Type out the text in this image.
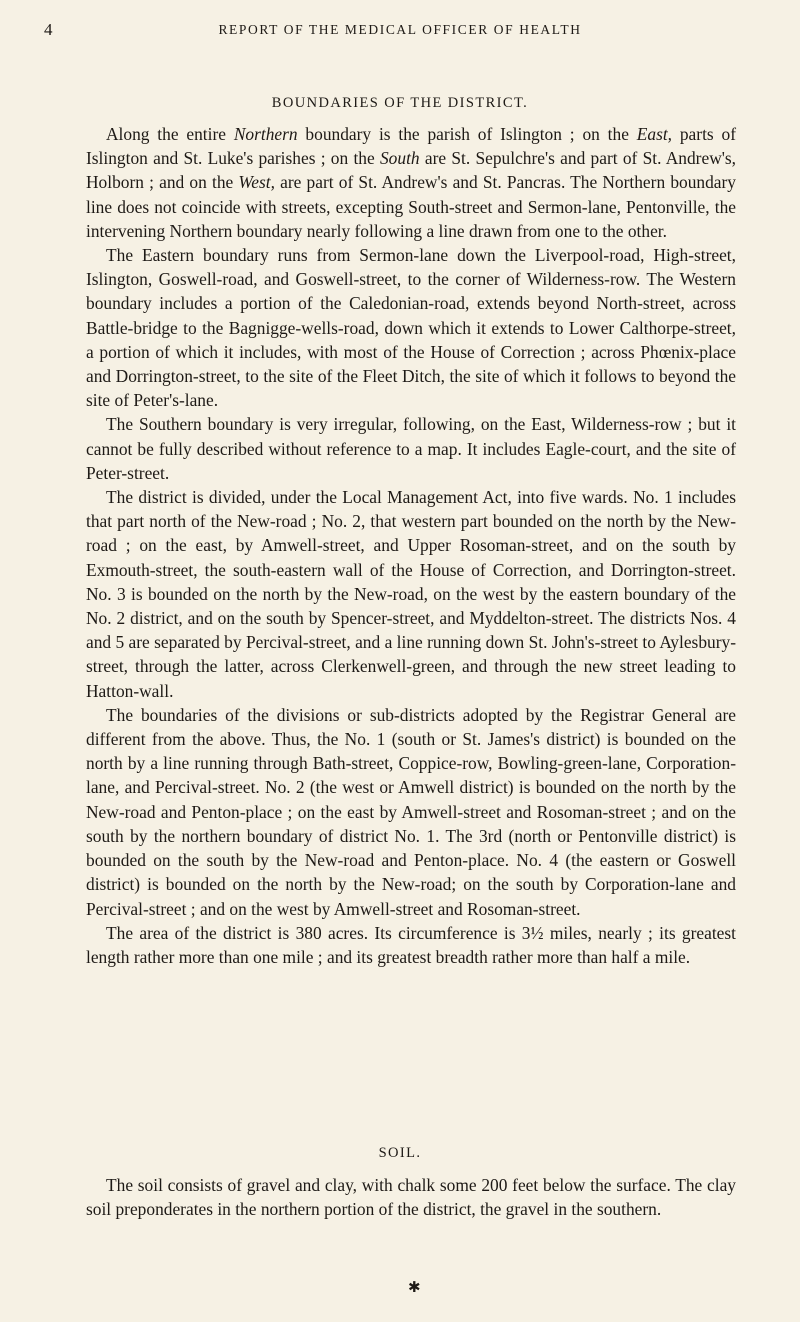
4	REPORT OF THE MEDICAL OFFICER OF HEALTH
BOUNDARIES OF THE DISTRICT.

Along the entire Northern boundary is the parish of Islington ; on the East, parts of Islington and St. Luke's parishes ; on the South are St. Sepulchre's and part of St. Andrew's, Holborn ; and on the West, are part of St. Andrew's and St. Pancras. The Northern boundary line does not coincide with streets, excepting South-street and Sermon-lane, Pentonville, the intervening Northern boundary nearly following a line drawn from one to the other.

The Eastern boundary runs from Sermon-lane down the Liverpool-road, High-street, Islington, Goswell-road, and Goswell-street, to the corner of Wilderness-row. The Western boundary includes a portion of the Caledonian-road, extends beyond North-street, across Battle-bridge to the Bagnigge-wells-road, down which it extends to Lower Calthorpe-street, a portion of which it includes, with most of the House of Correction ; across Phœnix-place and Dorrington-street, to the site of the Fleet Ditch, the site of which it follows to beyond the site of Peter's-lane.

The Southern boundary is very irregular, following, on the East, Wilderness-row ; but it cannot be fully described without reference to a map. It includes Eagle-court, and the site of Peter-street.

The district is divided, under the Local Management Act, into five wards. No. 1 includes that part north of the New-road ; No. 2, that western part bounded on the north by the New-road ; on the east, by Amwell-street, and Upper Rosoman-street, and on the south by Exmouth-street, the south-eastern wall of the House of Correction, and Dorrington-street. No. 3 is bounded on the north by the New-road, on the west by the eastern boundary of the No. 2 district, and on the south by Spencer-street, and Myddelton-street. The districts Nos. 4 and 5 are separated by Percival-street, and a line running down St. John's-street to Aylesbury-street, through the latter, across Clerkenwell-green, and through the new street leading to Hatton-wall.

The boundaries of the divisions or sub-districts adopted by the Registrar General are different from the above. Thus, the No. 1 (south or St. James's district) is bounded on the north by a line running through Bath-street, Coppice-row, Bowling-green-lane, Corporation-lane, and Percival-street. No. 2 (the west or Amwell district) is bounded on the north by the New-road and Penton-place ; on the east by Amwell-street and Rosoman-street ; and on the south by the northern boundary of district No. 1. The 3rd (north or Pentonville district) is bounded on the south by the New-road and Penton-place. No. 4 (the eastern or Goswell district) is bounded on the north by the New-road; on the south by Corporation-lane and Percival-street ; and on the west by Amwell-street and Rosoman-street.

The area of the district is 380 acres. Its circumference is 3½ miles, nearly ; its greatest length rather more than one mile ; and its greatest breadth rather more than half a mile.

SOIL.

The soil consists of gravel and clay, with chalk some 200 feet below the surface. The clay soil preponderates in the northern portion of the district, the gravel in the southern.

✱
